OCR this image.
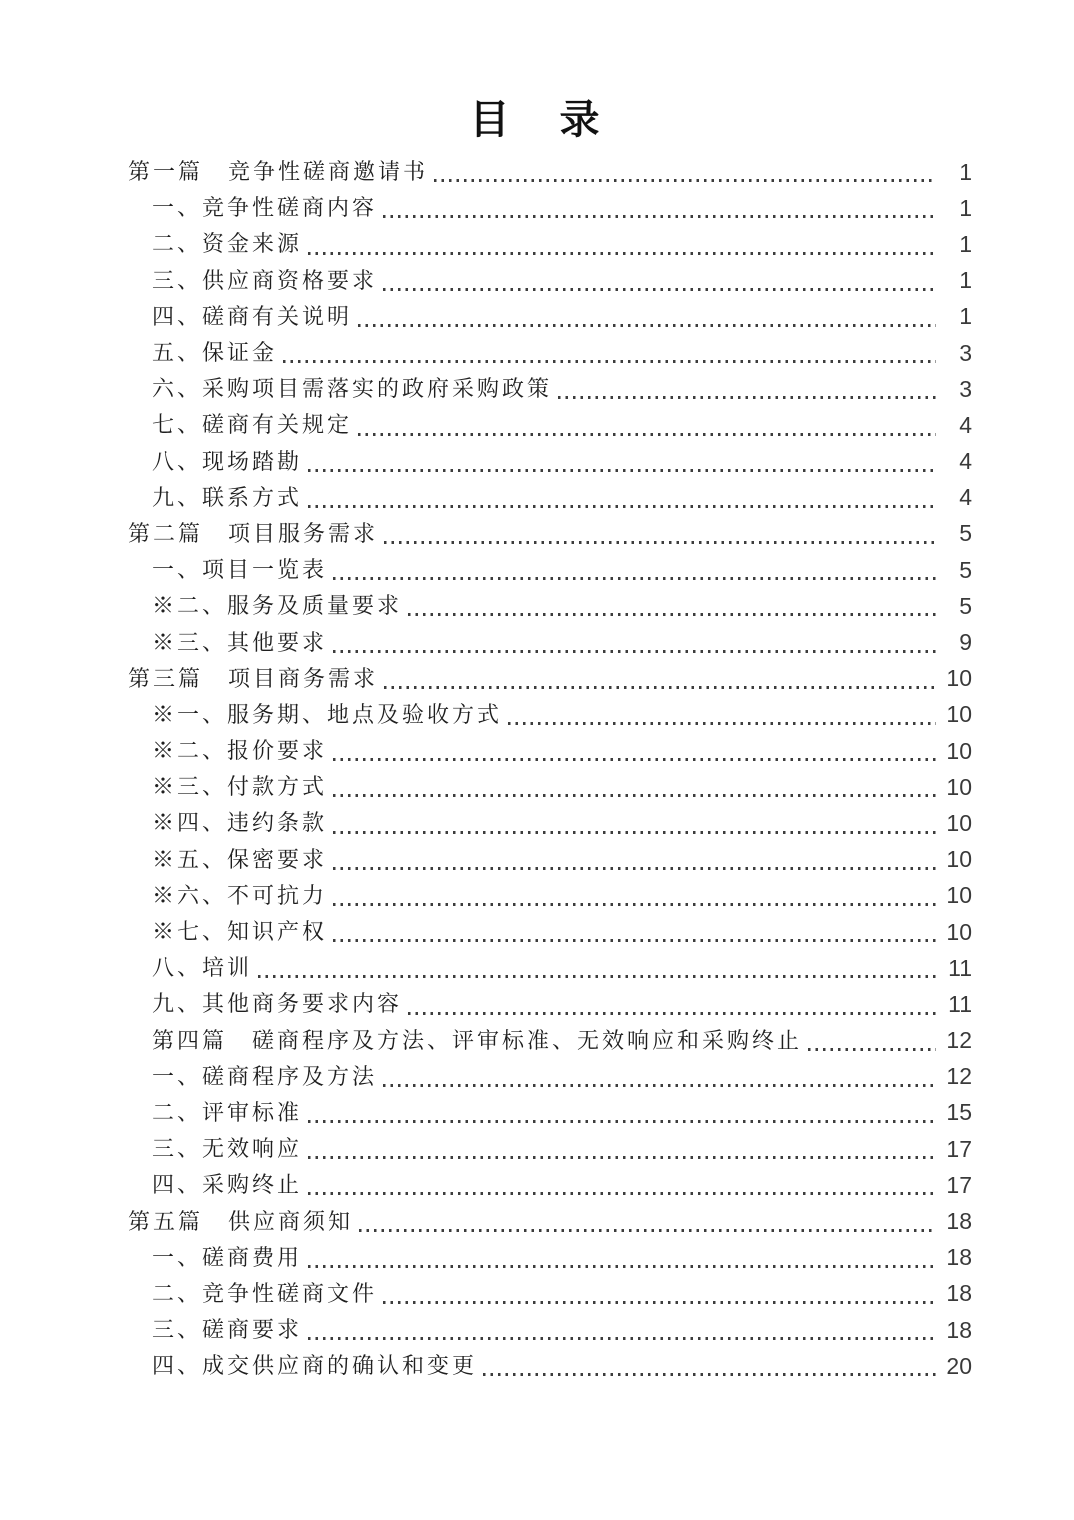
目　录
第一篇　竞争性磋商邀请书	1
一、竞争性磋商内容	1
二、资金来源	1
三、供应商资格要求	1
四、磋商有关说明	1
五、保证金	3
六、采购项目需落实的政府采购政策	3
七、磋商有关规定	4
八、现场踏勘	4
九、联系方式	4
第二篇　项目服务需求	5
一、项目一览表	5
※二、服务及质量要求	5
※三、其他要求	9
第三篇　项目商务需求	10
※一、服务期、地点及验收方式	10
※二、报价要求	10
※三、付款方式	10
※四、违约条款	10
※五、保密要求	10
※六、不可抗力	10
※七、知识产权	10
八、培训	11
九、其他商务要求内容	11
第四篇　磋商程序及方法、评审标准、无效响应和采购终止	12
一、磋商程序及方法	12
二、评审标准	15
三、无效响应	17
四、采购终止	17
第五篇　供应商须知	18
一、磋商费用	18
二、竞争性磋商文件	18
三、磋商要求	18
四、成交供应商的确认和变更	20
